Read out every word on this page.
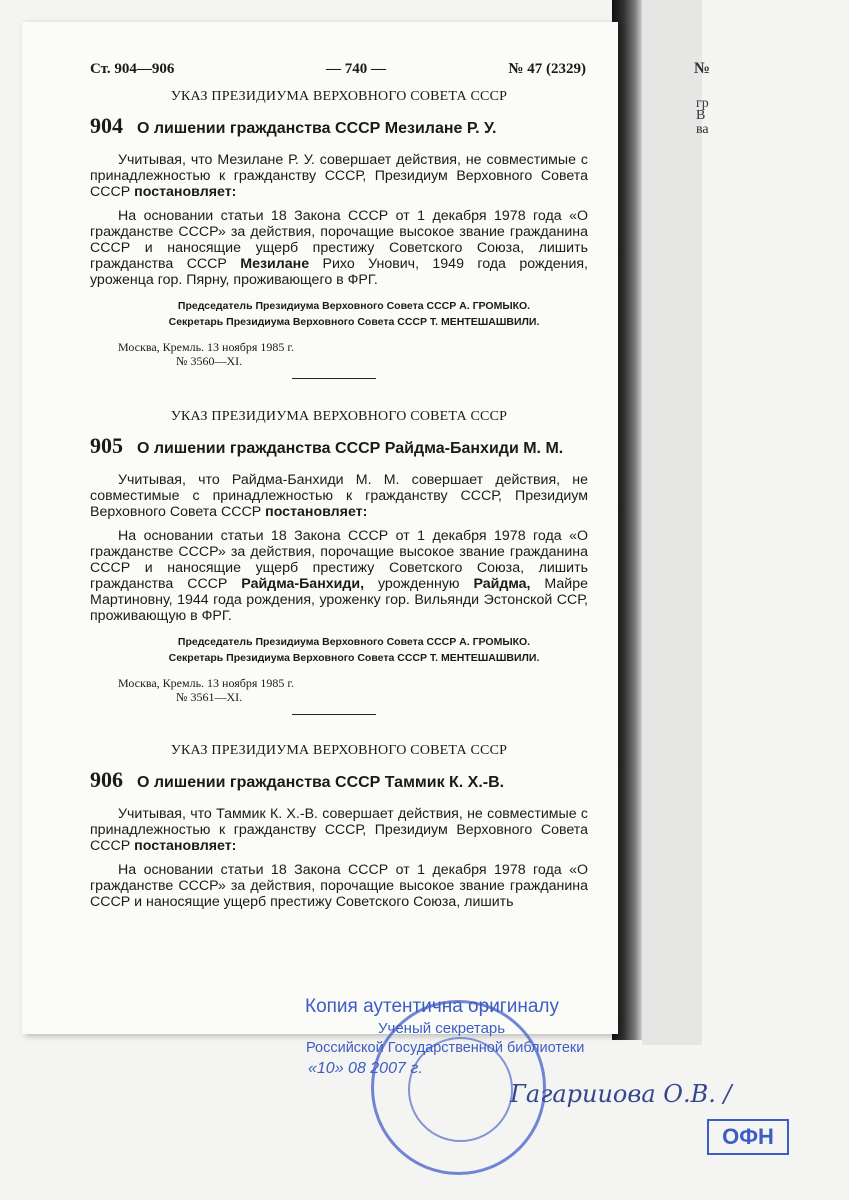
№
гр
В
ва
Ст. 904—906	— 740 —	№ 47 (2329)
УКАЗ ПРЕЗИДИУМА ВЕРХОВНОГО СОВЕТА СССР
904 О лишении гражданства СССР Мезилане Р. У.

Учитывая, что Мезилане Р. У. совершает действия, не совместимые с принадлежностью к гражданству СССР, Президиум Верховного Совета СССР постановляет:

На основании статьи 18 Закона СССР от 1 декабря 1978 года «О гражданстве СССР» за действия, порочащие высокое звание гражданина СССР и наносящие ущерб престижу Советского Союза, лишить гражданства СССР Мезилане Рихо Унович, 1949 года рождения, уроженца гор. Пярну, проживающего в ФРГ.

Председатель Президиума Верховного Совета СССР А. ГРОМЫКО.
Секретарь Президиума Верховного Совета СССР Т. МЕНТЕШАШВИЛИ.
Москва, Кремль. 13 ноября 1985 г.
№ 3560—XI.
УКАЗ ПРЕЗИДИУМА ВЕРХОВНОГО СОВЕТА СССР
905 О лишении гражданства СССР Райдма-Банхиди М. М.

Учитывая, что Райдма-Банхиди М. М. совершает действия, не совместимые с принадлежностью к гражданству СССР, Президиум Верховного Совета СССР постановляет:

На основании статьи 18 Закона СССР от 1 декабря 1978 года «О гражданстве СССР» за действия, порочащие высокое звание гражданина СССР и наносящие ущерб престижу Советского Союза, лишить гражданства СССР Райдма-Банхиди, урожденную Райдма, Майре Мартиновну, 1944 года рождения, уроженку гор. Вильянди Эстонской ССР, проживающую в ФРГ.

Председатель Президиума Верховного Совета СССР А. ГРОМЫКО.
Секретарь Президиума Верховного Совета СССР Т. МЕНТЕШАШВИЛИ.
Москва, Кремль. 13 ноября 1985 г.
№ 3561—XI.
УКАЗ ПРЕЗИДИУМА ВЕРХОВНОГО СОВЕТА СССР
906 О лишении гражданства СССР Таммик К. Х.-В.

Учитывая, что Таммик К. Х.-В. совершает действия, не совместимые с принадлежностью к гражданству СССР, Президиум Верховного Совета СССР постановляет:

На основании статьи 18 Закона СССР от 1 декабря 1978 года «О гражданстве СССР» за действия, порочащие высокое звание гражданина СССР и наносящие ущерб престижу Советского Союза, лишить

Копия аутентична оригиналу
Ученый секретарь
Российской Государственной библиотеки
«10» 08 2007 г.
Гагарииова О.В. /
ОФН
